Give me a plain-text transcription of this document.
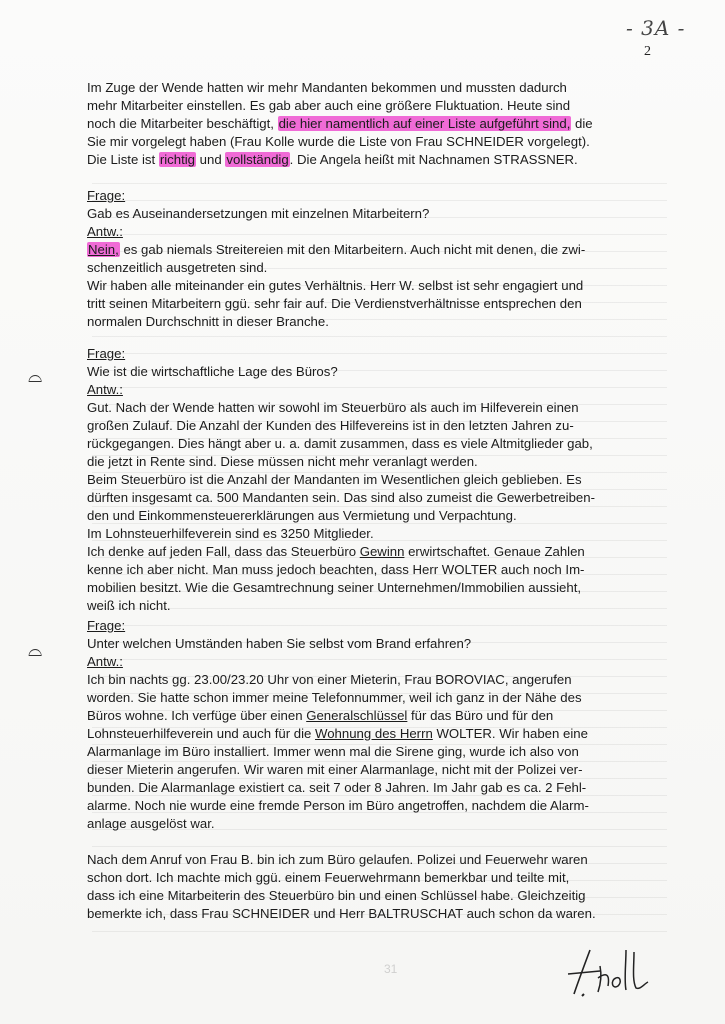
- 3A -
2
Im Zuge der Wende hatten wir mehr Mandanten bekommen und mussten dadurch
mehr Mitarbeiter einstellen. Es gab aber auch eine größere Fluktuation. Heute sind
noch die Mitarbeiter beschäftigt, die hier namentlich auf einer Liste aufgeführt sind, die
Sie mir vorgelegt haben (Frau Kolle wurde die Liste von Frau SCHNEIDER vorgelegt).
Die Liste ist richtig und vollständig. Die Angela heißt mit Nachnamen STRASSNER.
Frage:
Gab es Auseinandersetzungen mit einzelnen Mitarbeitern?
Antw.:
Nein, es gab niemals Streitereien mit den Mitarbeitern. Auch nicht mit denen, die zwi-
schenzeitlich ausgetreten sind.
Wir haben alle miteinander ein gutes Verhältnis. Herr W. selbst ist sehr engagiert und
tritt seinen Mitarbeitern ggü. sehr fair auf. Die Verdienstverhältnisse entsprechen den
normalen Durchschnitt in dieser Branche.
⌓
Frage:
Wie ist die wirtschaftliche Lage des Büros?
Antw.:
Gut. Nach der Wende hatten wir sowohl im Steuerbüro als auch im Hilfeverein einen
großen Zulauf. Die Anzahl der Kunden des Hilfevereins ist in den letzten Jahren zu-
rückgegangen. Dies hängt aber u. a. damit zusammen, dass es viele Altmitglieder gab,
die jetzt in Rente sind. Diese müssen nicht mehr veranlagt werden.
Beim Steuerbüro ist die Anzahl der Mandanten im Wesentlichen gleich geblieben. Es
dürften insgesamt ca. 500 Mandanten sein. Das sind also zumeist die Gewerbetreiben-
den und Einkommensteuererklärungen aus Vermietung und Verpachtung.
Im Lohnsteuerhilfeverein sind es 3250 Mitglieder.
Ich denke auf jeden Fall, dass das Steuerbüro Gewinn erwirtschaftet. Genaue Zahlen
kenne ich aber nicht. Man muss jedoch beachten, dass Herr WOLTER auch noch Im-
mobilien besitzt. Wie die Gesamtrechnung seiner Unternehmen/Immobilien aussieht,
weiß ich nicht.
⌓
Frage:
Unter welchen Umständen haben Sie selbst vom Brand erfahren?
Antw.:
Ich bin nachts gg. 23.00/23.20 Uhr von einer Mieterin, Frau BOROVIAC, angerufen
worden. Sie hatte schon immer meine Telefonnummer, weil ich ganz in der Nähe des
Büros wohne. Ich verfüge über einen Generalschlüssel für das Büro und für den
Lohnsteuerhilfeverein und auch für die Wohnung des Herrn WOLTER. Wir haben eine
Alarmanlage im Büro installiert. Immer wenn mal die Sirene ging, wurde ich also von
dieser Mieterin angerufen. Wir waren mit einer Alarmanlage, nicht mit der Polizei ver-
bunden. Die Alarmanlage existiert ca. seit 7 oder 8 Jahren. Im Jahr gab es ca. 2 Fehl-
alarme. Noch nie wurde eine fremde Person im Büro angetroffen, nachdem die Alarm-
anlage ausgelöst war.
Nach dem Anruf von Frau B. bin ich zum Büro gelaufen. Polizei und Feuerwehr waren
schon dort. Ich machte mich ggü. einem Feuerwehrmann bemerkbar und teilte mit,
dass ich eine Mitarbeiterin des Steuerbüro bin und einen Schlüssel habe. Gleichzeitig
bemerkte ich, dass Frau SCHNEIDER und Herr BALTRUSCHAT auch schon da waren.
31
